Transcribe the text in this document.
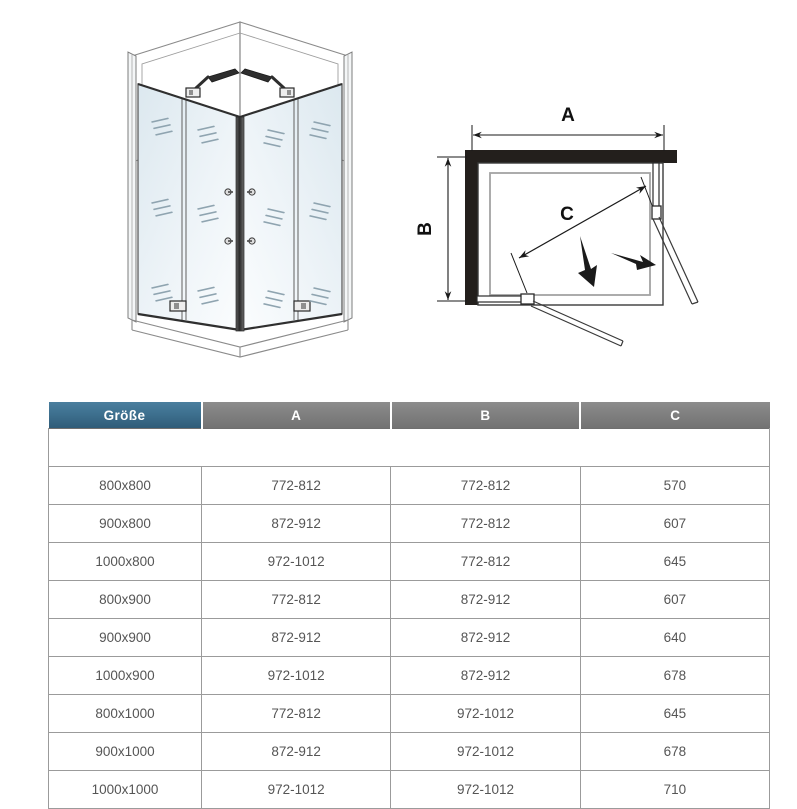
A
B
C
Größe	A	B	C

800x800	772-812	772-812	570
900x800	872-912	772-812	607
1000x800	972-1012	772-812	645
800x900	772-812	872-912	607
900x900	872-912	872-912	640
1000x900	972-1012	872-912	678
800x1000	772-812	972-1012	645
900x1000	872-912	972-1012	678
1000x1000	972-1012	972-1012	710
